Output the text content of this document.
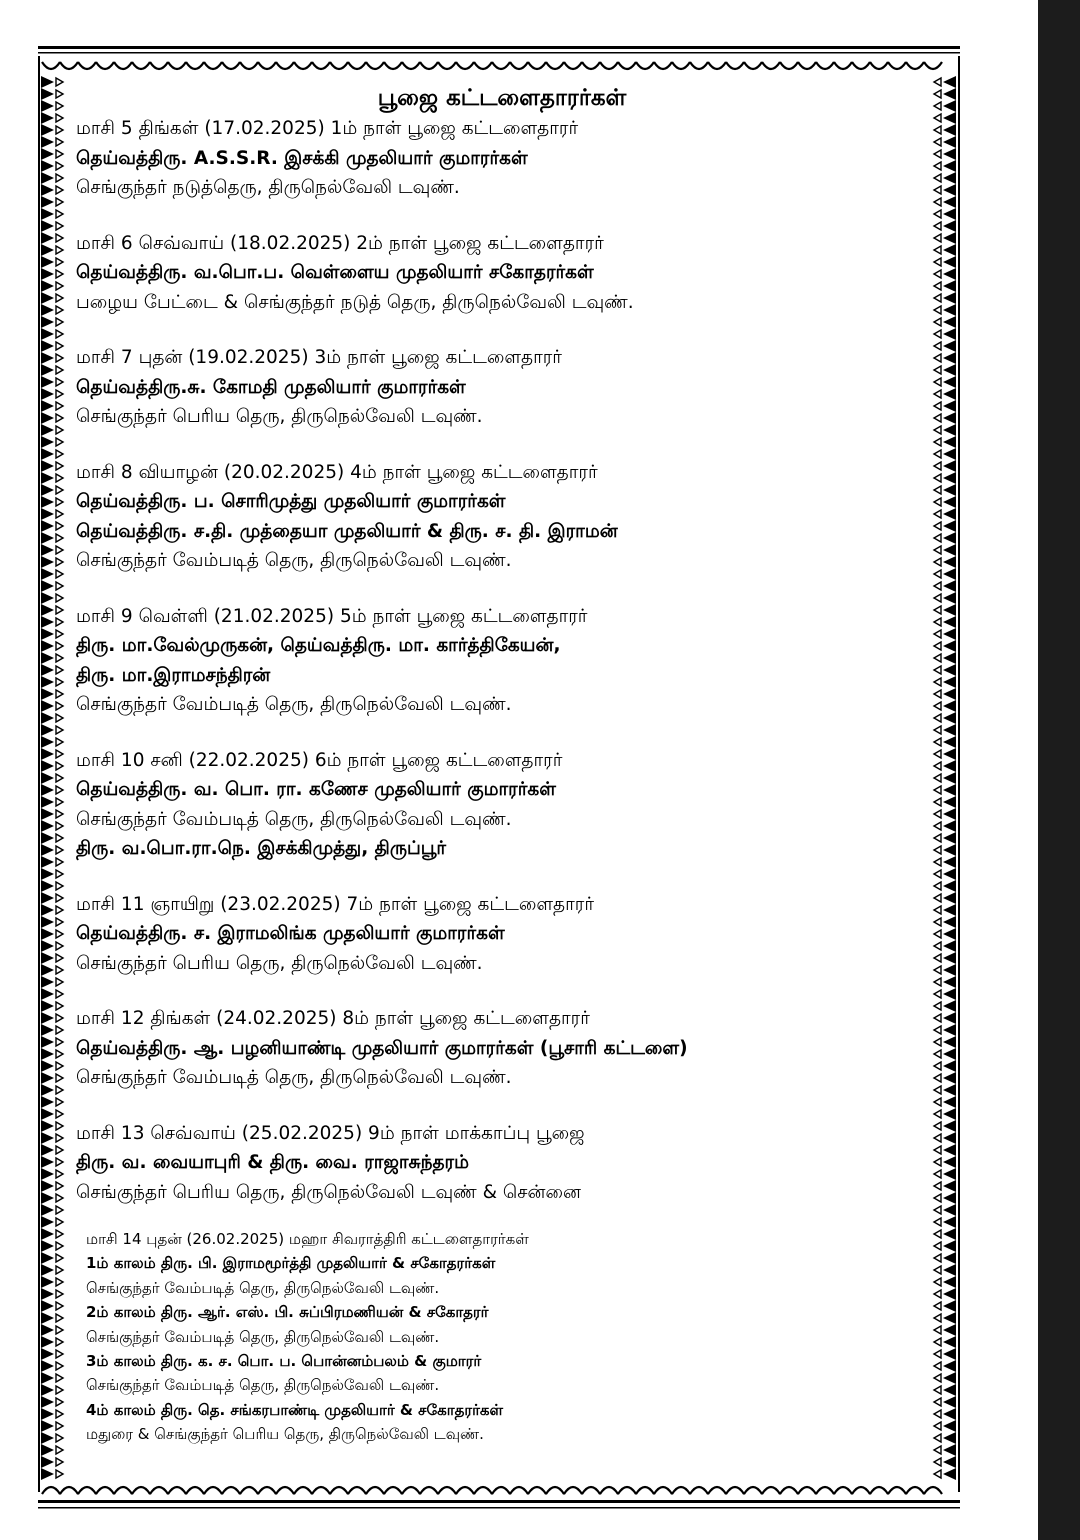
பூஜை கட்டளைதாரர்கள்
மாசி 5 திங்கள் (17.02.2025) 1ம் நாள் பூஜை கட்டளைதாரர்
தெய்வத்திரு. A.S.S.R. இசக்கி முதலியார் குமாரர்கள்
செங்குந்தர் நடுத்தெரு, திருநெல்வேலி டவுண்.
மாசி 6 செவ்வாய் (18.02.2025) 2ம் நாள் பூஜை கட்டளைதாரர்
தெய்வத்திரு. வ.பொ.ப. வெள்ளைய முதலியார் சகோதரர்கள்
பழைய பேட்டை & செங்குந்தர் நடுத் தெரு, திருநெல்வேலி டவுண்.
மாசி 7 புதன் (19.02.2025) 3ம் நாள் பூஜை கட்டளைதாரர்
தெய்வத்திரு.சு. கோமதி முதலியார் குமாரர்கள்
செங்குந்தர் பெரிய தெரு, திருநெல்வேலி டவுண்.
மாசி 8 வியாழன் (20.02.2025) 4ம் நாள் பூஜை கட்டளைதாரர்
தெய்வத்திரு. ப. சொரிமுத்து முதலியார் குமாரர்கள்
தெய்வத்திரு. ச.தி. முத்தையா முதலியார் & திரு. ச. தி. இராமன்
செங்குந்தர் வேம்படித் தெரு, திருநெல்வேலி டவுண்.
மாசி 9 வெள்ளி (21.02.2025) 5ம் நாள் பூஜை கட்டளைதாரர்
திரு. மா.வேல்முருகன், தெய்வத்திரு. மா. கார்த்திகேயன்,
திரு. மா.இராமசந்திரன்
செங்குந்தர் வேம்படித் தெரு, திருநெல்வேலி டவுண்.
மாசி 10 சனி (22.02.2025) 6ம் நாள் பூஜை கட்டளைதாரர்
தெய்வத்திரு. வ. பொ. ரா. கணேச முதலியார் குமாரர்கள்
செங்குந்தர் வேம்படித் தெரு, திருநெல்வேலி டவுண்.
திரு. வ.பொ.ரா.நெ. இசக்கிமுத்து, திருப்பூர்
மாசி 11 ஞாயிறு (23.02.2025) 7ம் நாள் பூஜை கட்டளைதாரர்
தெய்வத்திரு. ச. இராமலிங்க முதலியார் குமாரர்கள்
செங்குந்தர் பெரிய தெரு, திருநெல்வேலி டவுண்.
மாசி 12 திங்கள் (24.02.2025) 8ம் நாள் பூஜை கட்டளைதாரர்
தெய்வத்திரு. ஆ. பழனியாண்டி முதலியார் குமாரர்கள் (பூசாரி கட்டளை)
செங்குந்தர் வேம்படித் தெரு, திருநெல்வேலி டவுண்.
மாசி 13 செவ்வாய் (25.02.2025) 9ம் நாள் மாக்காப்பு பூஜை
திரு. வ. வையாபுரி & திரு. வை. ராஜாசுந்தரம்
செங்குந்தர் பெரிய தெரு, திருநெல்வேலி டவுண் & சென்னை
மாசி 14 புதன் (26.02.2025) மஹா சிவராத்திரி கட்டளைதாரர்கள்
1ம் காலம் திரு. பி. இராமமூர்த்தி முதலியார் & சகோதரர்கள்
செங்குந்தர் வேம்படித் தெரு, திருநெல்வேலி டவுண்.
2ம் காலம் திரு. ஆர். எஸ். பி. சுப்பிரமணியன் & சகோதரர்
செங்குந்தர் வேம்படித் தெரு, திருநெல்வேலி டவுண்.
3ம் காலம் திரு. க. ச. பொ. ப. பொன்னம்பலம் & குமாரர்
செங்குந்தர் வேம்படித் தெரு, திருநெல்வேலி டவுண்.
4ம் காலம் திரு. தெ. சங்கரபாண்டி முதலியார் & சகோதரர்கள்
மதுரை & செங்குந்தர் பெரிய தெரு, திருநெல்வேலி டவுண்.
